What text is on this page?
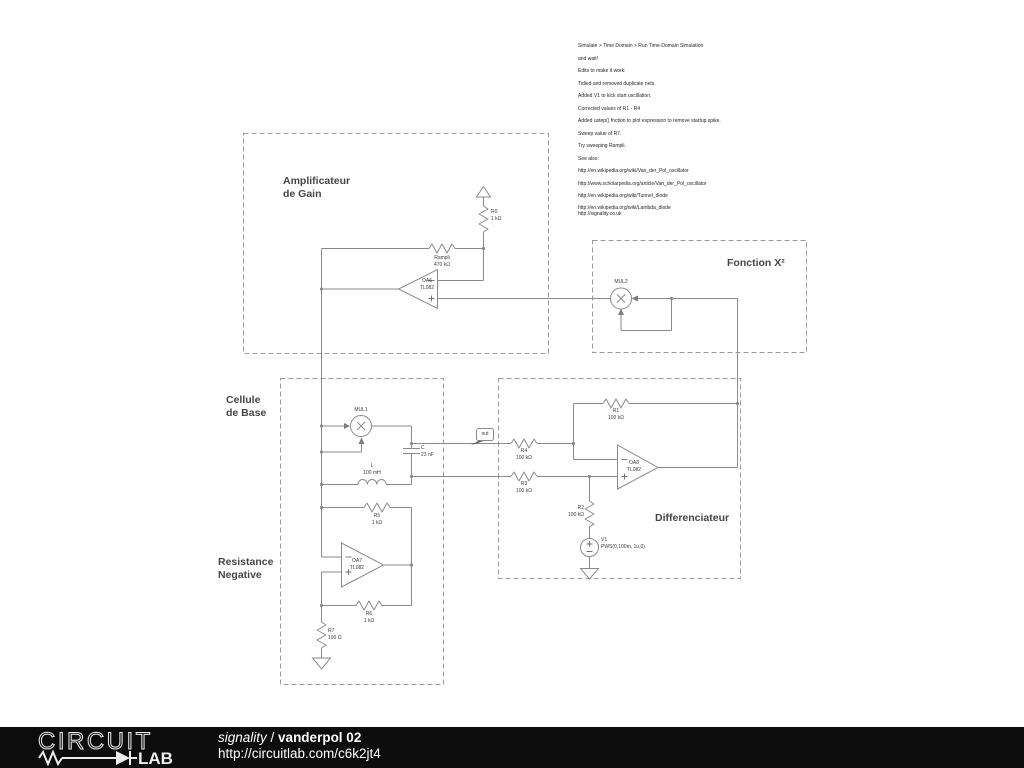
Simulate > Time Domain > Run Time-Domain Simulation
and wait!
Edits to make it work:
Tidied and removed duplicate nets.
Added V1 to kick start oscillation.
Corrected values of R1 - R4
Added ustep() fnction to plot expression to remove startup spike.
Sweep value of R7.
Try sweeping Rampli.
See also:
http://en.wikipedia.org/wiki/Van_der_Pol_oscillator
http://www.scholarpedia.org/article/Van_der_Pol_oscillator
http://en.wikipedia.org/wiki/Tunnel_diode
http://en.wikipedia.org/wiki/Lambda_diode
http://signality.co.uk
Amplificateur
de Gain
Fonction X²
Cellule
de Base
Resistance
Negative
Differenciateur
R0
1 kΩ
Rampli
470 kΩ
OA6
TL082
MUL2
MUL1
C
23 nF
L
100 mH
R5
1 kΩ
OA7
TL082
R6
1 kΩ
R7
100 Ω
R1
100 kΩ
R4
100 kΩ
R3
100 kΩ
R2
100 kΩ
OA8
TL082
V1
PWS(0,100m, 1u,0)
out
CIRCUIT
LAB
signality / vanderpol 02
http://circuitlab.com/c6k2jt4
